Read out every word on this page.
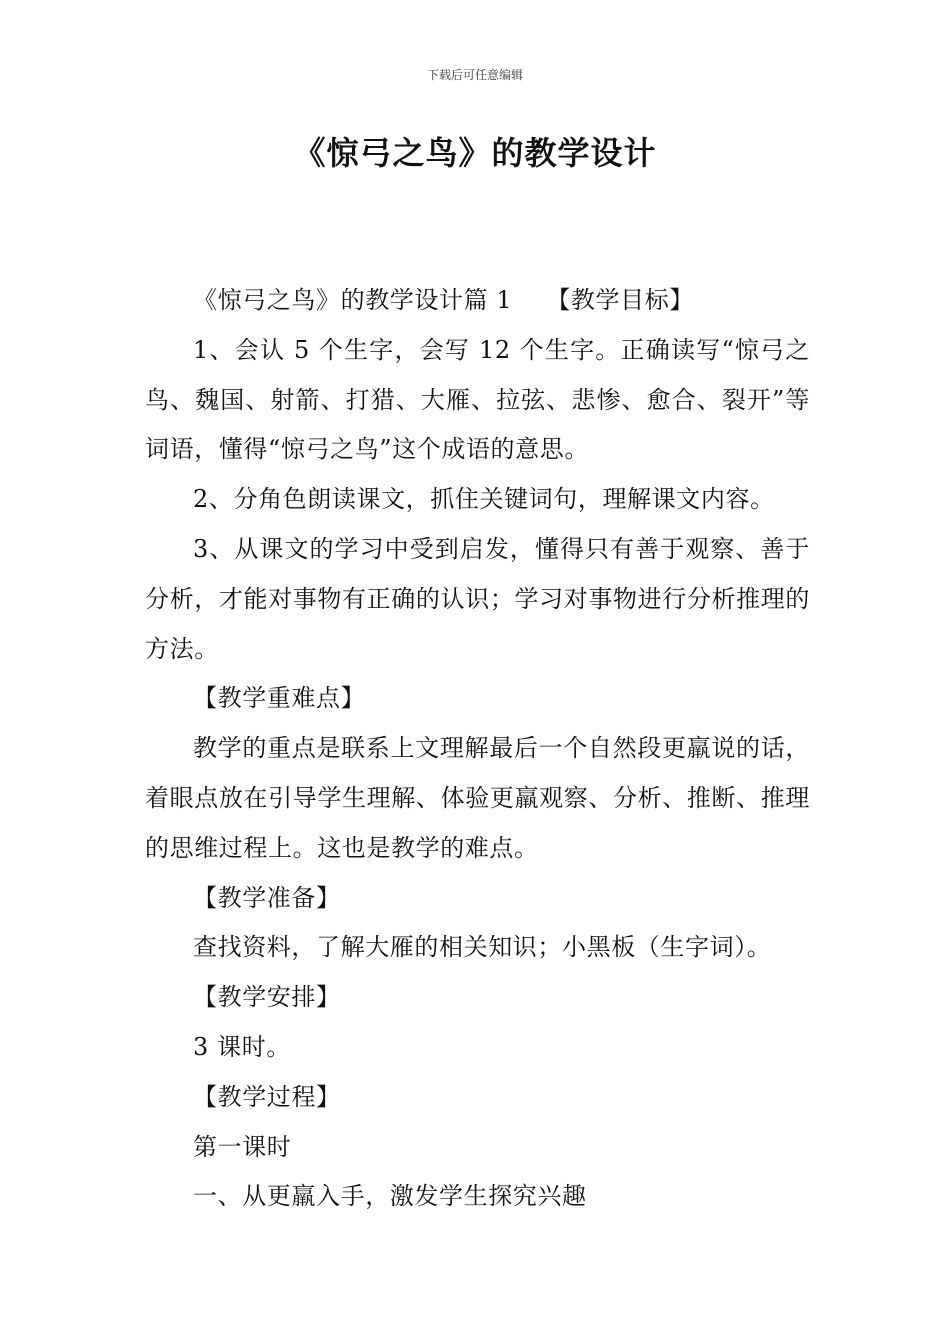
下载后可任意编辑
《惊弓之鸟》的教学设计

《惊弓之鸟》的教学设计篇 1 【教学目标】

1、会认 5 个生字，会写 12 个生字。正确读写“惊弓之鸟、魏国、射箭、打猎、大雁、拉弦、悲惨、愈合、裂开”等词语，懂得“惊弓之鸟”这个成语的意思。

2、分角色朗读课文，抓住关键词句，理解课文内容。

3、从课文的学习中受到启发，懂得只有善于观察、善于分析，才能对事物有正确的认识；学习对事物进行分析推理的方法。

【教学重难点】

教学的重点是联系上文理解最后一个自然段更羸说的话，着眼点放在引导学生理解、体验更羸观察、分析、推断、推理的思维过程上。这也是教学的难点。

【教学准备】

查找资料，了解大雁的相关知识；小黑板（生字词）。

【教学安排】

3 课时。

【教学过程】

第一课时

一、从更羸入手，激发学生探究兴趣
